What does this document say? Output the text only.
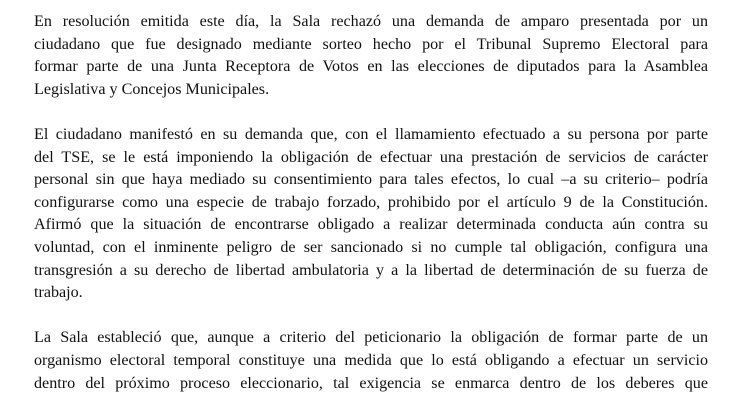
En resolución emitida este día, la Sala rechazó una demanda de amparo presentada por un
ciudadano que fue designado mediante sorteo hecho por el Tribunal Supremo Electoral para
formar parte de una Junta Receptora de Votos en las elecciones de diputados para la Asamblea
Legislativa y Concejos Municipales.
El ciudadano manifestó en su demanda que, con el llamamiento efectuado a su persona por parte
del TSE, se le está imponiendo la obligación de efectuar una prestación de servicios de carácter
personal sin que haya mediado su consentimiento para tales efectos, lo cual –a su criterio– podría
configurarse como una especie de trabajo forzado, prohibido por el artículo 9 de la Constitución.
Afirmó que la situación de encontrarse obligado a realizar determinada conducta aún contra su
voluntad, con el inminente peligro de ser sancionado si no cumple tal obligación, configura una
transgresión a su derecho de libertad ambulatoria y a la libertad de determinación de su fuerza de
trabajo.
La Sala estableció que, aunque a criterio del peticionario la obligación de formar parte de un
organismo electoral temporal constituye una medida que lo está obligando a efectuar un servicio
dentro del próximo proceso eleccionario, tal exigencia se enmarca dentro de los deberes que
